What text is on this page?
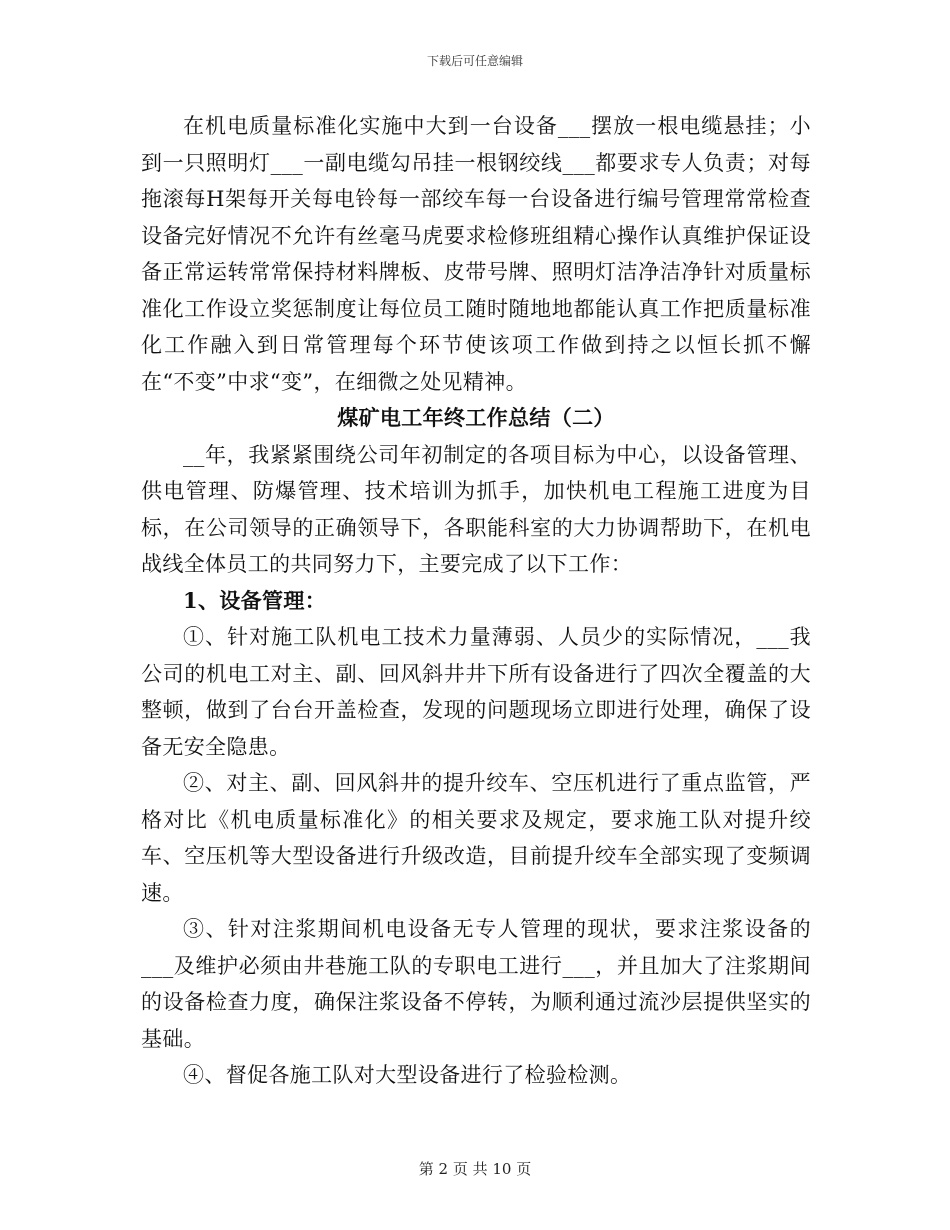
下载后可任意编辑

在机电质量标准化实施中大到一台设备___摆放一根电缆悬挂；小到一只照明灯___一副电缆勾吊挂一根钢绞线___都要求专人负责；对每拖滚每H架每开关每电铃每一部绞车每一台设备进行编号管理常常检查设备完好情况不允许有丝毫马虎要求检修班组精心操作认真维护保证设备正常运转常常保持材料牌板、皮带号牌、照明灯洁净洁净针对质量标准化工作设立奖惩制度让每位员工随时随地地都能认真工作把质量标准化工作融入到日常管理每个环节使该项工作做到持之以恒长抓不懈在“不变”中求“变”，在细微之处见精神。

煤矿电工年终工作总结（二）

__年，我紧紧围绕公司年初制定的各项目标为中心，以设备管理、供电管理、防爆管理、技术培训为抓手，加快机电工程施工进度为目标，在公司领导的正确领导下，各职能科室的大力协调帮助下，在机电战线全体员工的共同努力下，主要完成了以下工作：

1、设备管理：

①、针对施工队机电工技术力量薄弱、人员少的实际情况，___我公司的机电工对主、副、回风斜井井下所有设备进行了四次全覆盖的大整顿，做到了台台开盖检查，发现的问题现场立即进行处理，确保了设备无安全隐患。

②、对主、副、回风斜井的提升绞车、空压机进行了重点监管，严格对比《机电质量标准化》的相关要求及规定，要求施工队对提升绞车、空压机等大型设备进行升级改造，目前提升绞车全部实现了变频调速。

③、针对注浆期间机电设备无专人管理的现状，要求注浆设备的___及维护必须由井巷施工队的专职电工进行___，并且加大了注浆期间的设备检查力度，确保注浆设备不停转，为顺利通过流沙层提供坚实的基础。

④、督促各施工队对大型设备进行了检验检测。

第 2 页 共 10 页
